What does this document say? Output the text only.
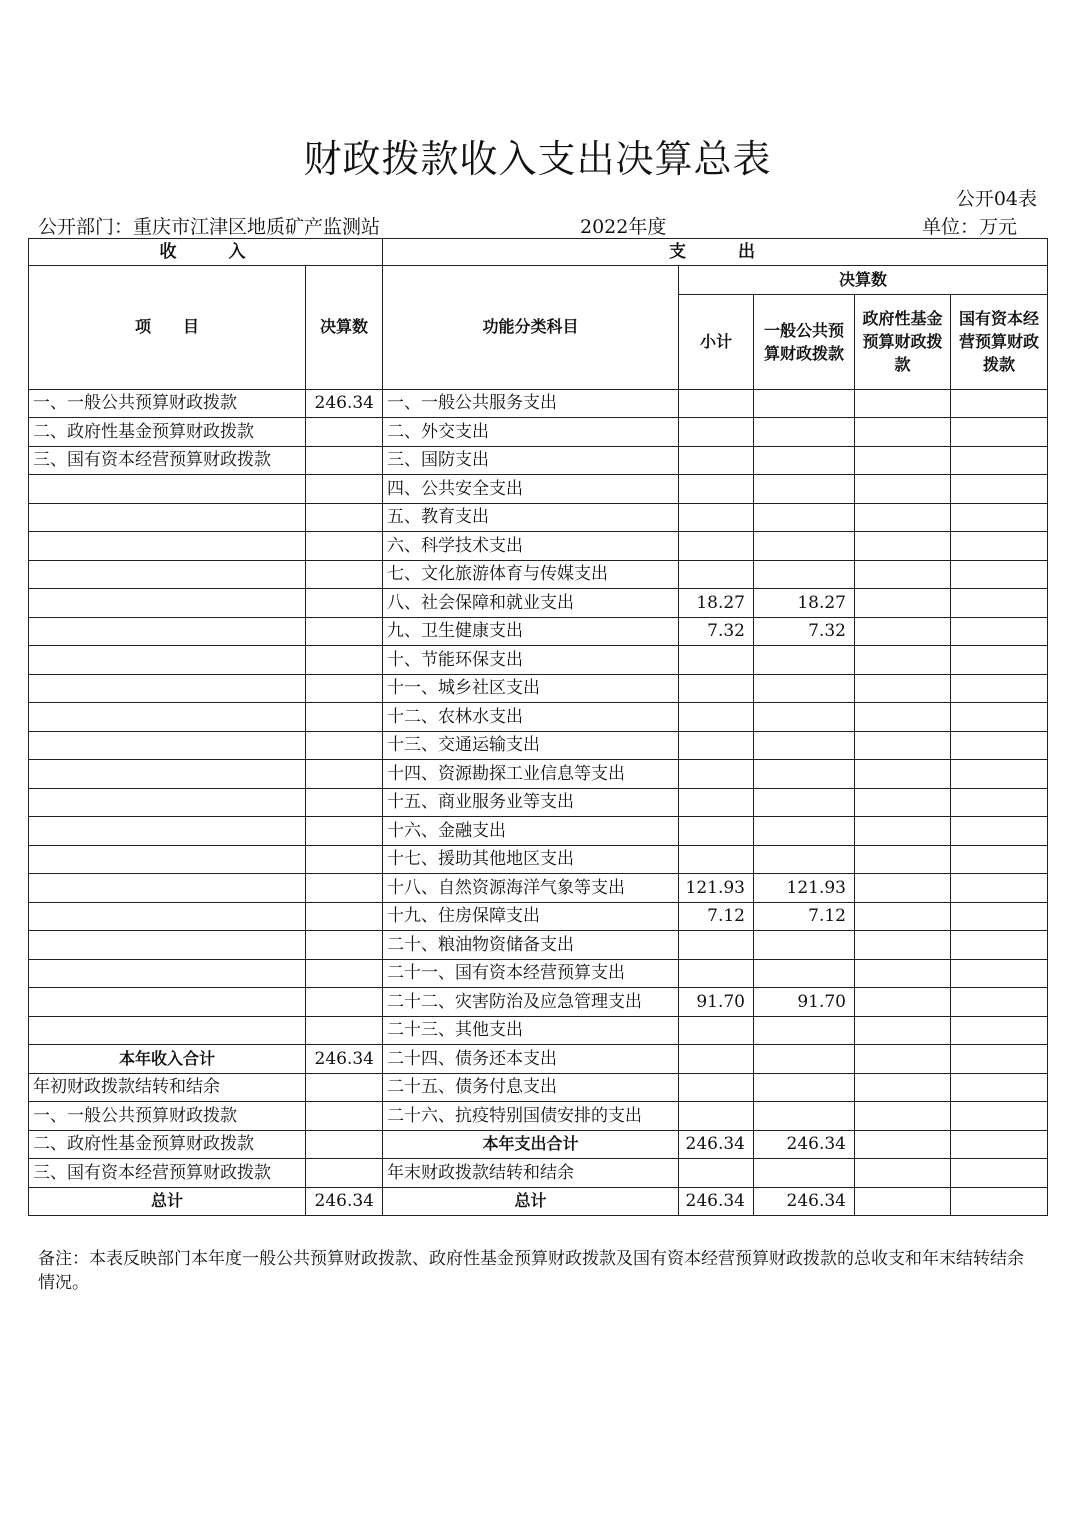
财政拨款收入支出决算总表
公开04表
公开部门：重庆市江津区地质矿产监测站	2022年度	单位：万元
收　　入		支　　出				
项　　目	决算数	功能分类科目	决算数			
			小计	一般公共预算财政拨款	政府性基金预算财政拨款	国有资本经营预算财政拨款
一、一般公共预算财政拨款	246.34	一、一般公共服务支出				
二、政府性基金预算财政拨款		二、外交支出				
三、国有资本经营预算财政拨款		三、国防支出				
		四、公共安全支出				
		五、教育支出				
		六、科学技术支出				
		七、文化旅游体育与传媒支出				
		八、社会保障和就业支出	18.27	18.27		
		九、卫生健康支出	7.32	7.32		
		十、节能环保支出				
		十一、城乡社区支出				
		十二、农林水支出				
		十三、交通运输支出				
		十四、资源勘探工业信息等支出				
		十五、商业服务业等支出				
		十六、金融支出				
		十七、援助其他地区支出				
		十八、自然资源海洋气象等支出	121.93	121.93		
		十九、住房保障支出	7.12	7.12		
		二十、粮油物资储备支出				
		二十一、国有资本经营预算支出				
		二十二、灾害防治及应急管理支出	91.70	91.70		
		二十三、其他支出				
本年收入合计	246.34	二十四、债务还本支出				
年初财政拨款结转和结余		二十五、债务付息支出				
一、一般公共预算财政拨款		二十六、抗疫特别国债安排的支出				
二、政府性基金预算财政拨款		本年支出合计	246.34	246.34		
三、国有资本经营预算财政拨款		年末财政拨款结转和结余				
总计	246.34	总计	246.34	246.34		
备注：本表反映部门本年度一般公共预算财政拨款、政府性基金预算财政拨款及国有资本经营预算财政拨款的总收支和年末结转结余情况。
